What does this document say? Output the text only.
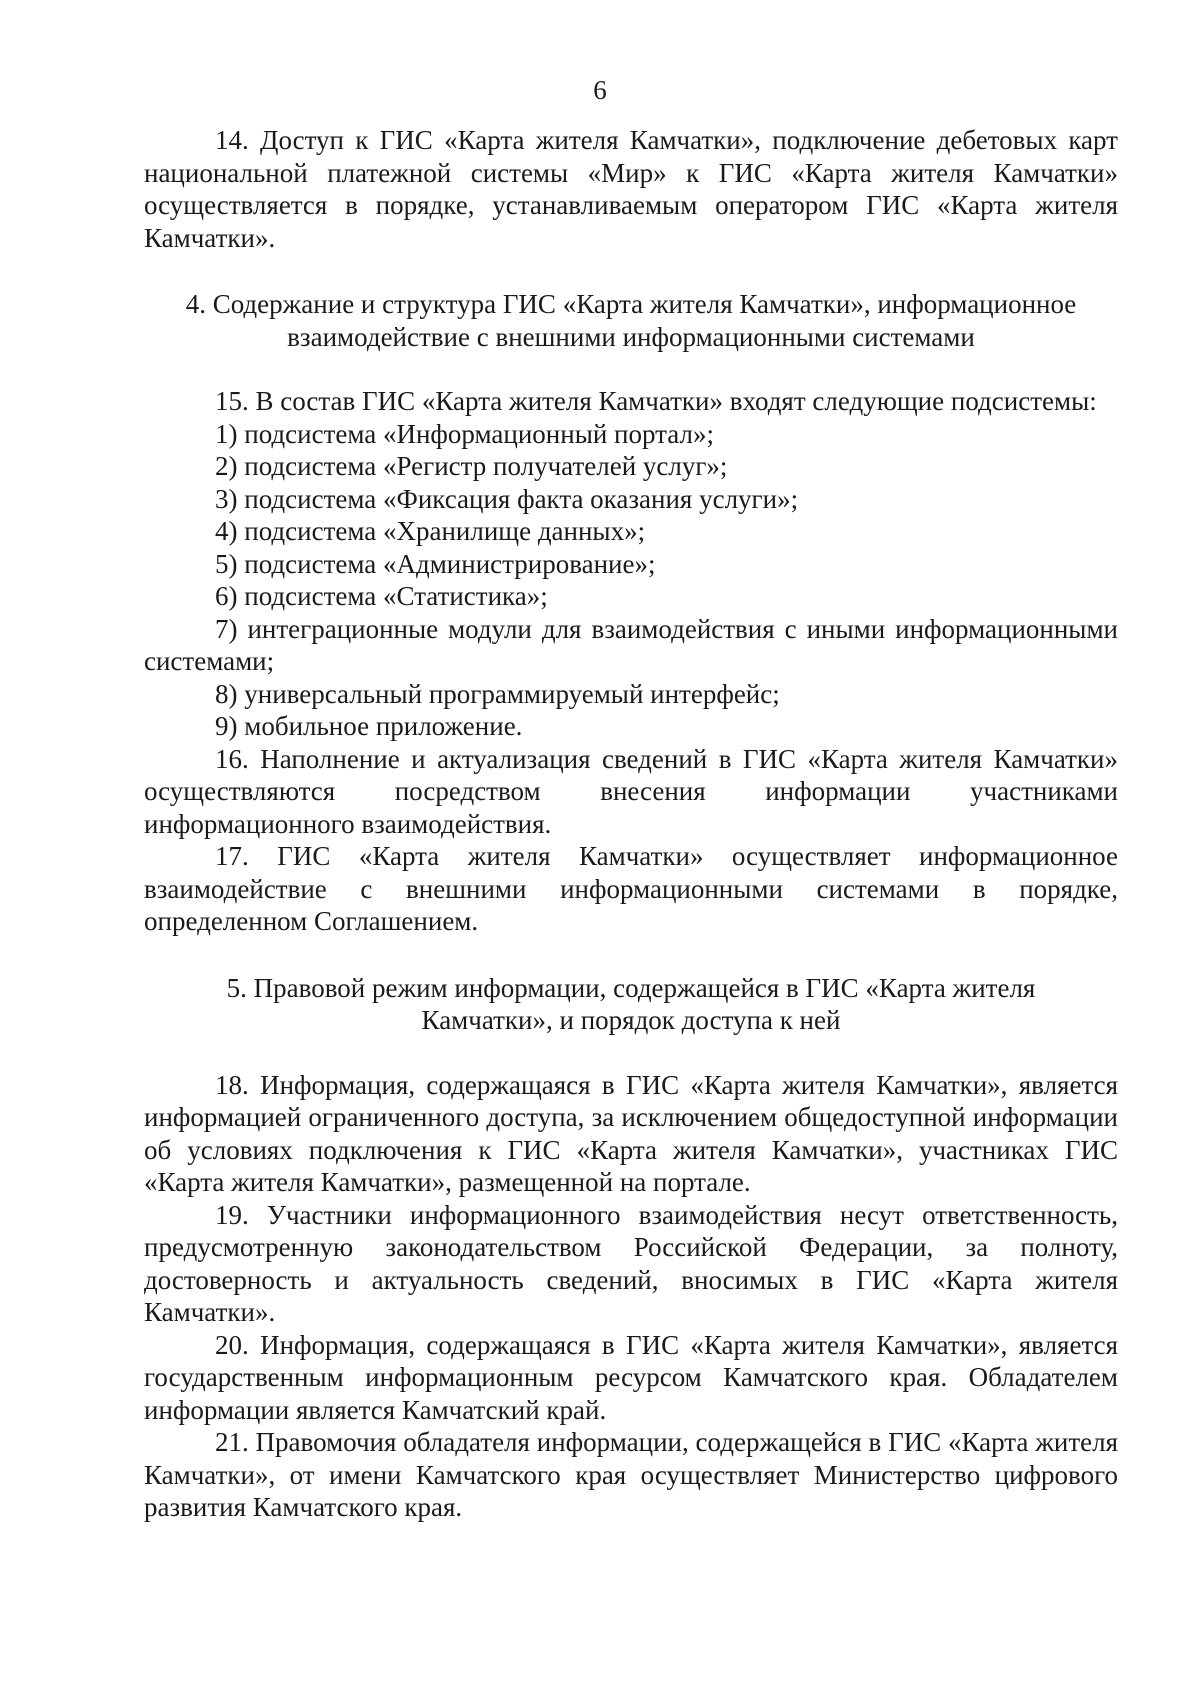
6

14. Доступ к ГИС «Карта жителя Камчатки», подключение дебетовых карт национальной платежной системы «Мир» к ГИС «Карта жителя Камчатки» осуществляется в порядке, устанавливаемым оператором ГИС «Карта жителя Камчатки».

4. Содержание и структура ГИС «Карта жителя Камчатки», информационное
взаимодействие с внешними информационными системами

15. В состав ГИС «Карта жителя Камчатки» входят следующие подсистемы:

1) подсистема «Информационный портал»;

2) подсистема «Регистр получателей услуг»;

3) подсистема «Фиксация факта оказания услуги»;

4) подсистема «Хранилище данных»;

5) подсистема «Администрирование»;

6) подсистема «Статистика»;

7) интеграционные модули для взаимодействия с иными информационными системами;

8) универсальный программируемый интерфейс;

9) мобильное приложение.

16. Наполнение и актуализация сведений в ГИС «Карта жителя Камчатки» осуществляются посредством внесения информации участниками информационного взаимодействия.

17. ГИС «Карта жителя Камчатки» осуществляет информационное взаимодействие с внешними информационными системами в порядке, определенном Соглашением.

5. Правовой режим информации, содержащейся в ГИС «Карта жителя
Камчатки», и порядок доступа к ней

18. Информация, содержащаяся в ГИС «Карта жителя Камчатки», является информацией ограниченного доступа, за исключением общедоступной информации об условиях подключения к ГИС «Карта жителя Камчатки», участниках ГИС «Карта жителя Камчатки», размещенной на портале.

19. Участники информационного взаимодействия несут ответственность, предусмотренную законодательством Российской Федерации, за полноту, достоверность и актуальность сведений, вносимых в ГИС «Карта жителя Камчатки».

20. Информация, содержащаяся в ГИС «Карта жителя Камчатки», является государственным информационным ресурсом Камчатского края. Обладателем информации является Камчатский край.

21. Правомочия обладателя информации, содержащейся в ГИС «Карта жителя Камчатки», от имени Камчатского края осуществляет Министерство цифрового развития Камчатского края.
